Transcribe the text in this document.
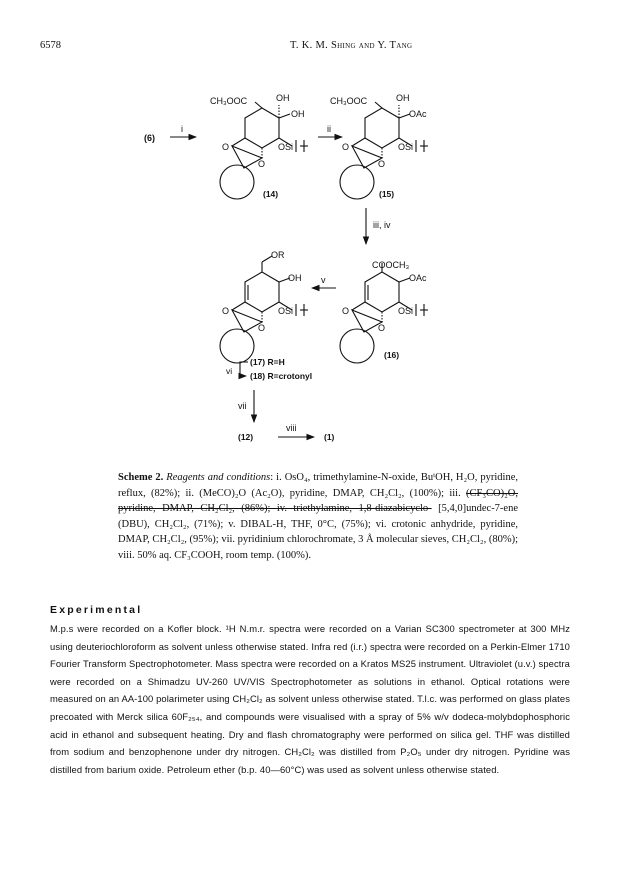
6578	T. K. M. Shing and Y. Tang
CH₃OOC	OH
OH
OSi
O
O
(14)
CH₃OOC	OH
OAc
OSi
O
O
(15)
COOCH₃
OAc
OSi
O
O
(16)
OR
OH
OSi
O
O
(17) R=H
(18) R=crotonyl
vi
(6)
i	ii
iii, iv
v
vii
(12)
viii
(1)
Scheme 2. Reagents and conditions: i. OsO₄, trimethylamine-N-oxide, BuᵗOH, H₂O, pyridine, reflux, (82%); ii. (MeCO)₂O (Ac₂O), pyridine, DMAP, CH₂Cl₂, (100%); iii. (CF₃CO)₂O, pyridine, DMAP, CH₂Cl₂, (86%); iv. triethylamine, 1,8-diazabicyclo- [5,4,0]undec-7-ene (DBU), CH₂Cl₂, (71%); v. DIBAL-H, THF, 0°C, (75%); vi. crotonic anhydride, pyridine, DMAP, CH₂Cl₂, (95%); vii. pyridinium chlorochromate, 3 Å molecular sieves, CH₂Cl₂, (80%); viii. 50% aq. CF₃COOH, room temp. (100%).
Experimental
M.p.s were recorded on a Kofler block. ¹H N.m.r. spectra were recorded on a Varian SC300 spectrometer at 300 MHz using deuteriochloroform as solvent unless otherwise stated. Infra red (i.r.) spectra were recorded on a Perkin-Elmer 1710 Fourier Transform Spectrophotometer. Mass spectra were recorded on a Kratos MS25 instrument. Ultraviolet (u.v.) spectra were recorded on a Shimadzu UV-260 UV/VIS Spectrophotometer as solutions in ethanol. Optical rotations were measured on an AA-100 polarimeter using CH₂Cl₂ as solvent unless otherwise stated. T.l.c. was performed on glass plates precoated with Merck silica 60F₂₅₄, and compounds were visualised with a spray of 5% w/v dodeca-molybdophosphoric acid in ethanol and subsequent heating. Dry and flash chromatography were performed on silica gel. THF was distilled from sodium and benzophenone under dry nitrogen. CH₂Cl₂ was distilled from P₂O₅ under dry nitrogen. Pyridine was distilled from barium oxide. Petroleum ether (b.p. 40—60°C) was used as solvent unless otherwise stated.
